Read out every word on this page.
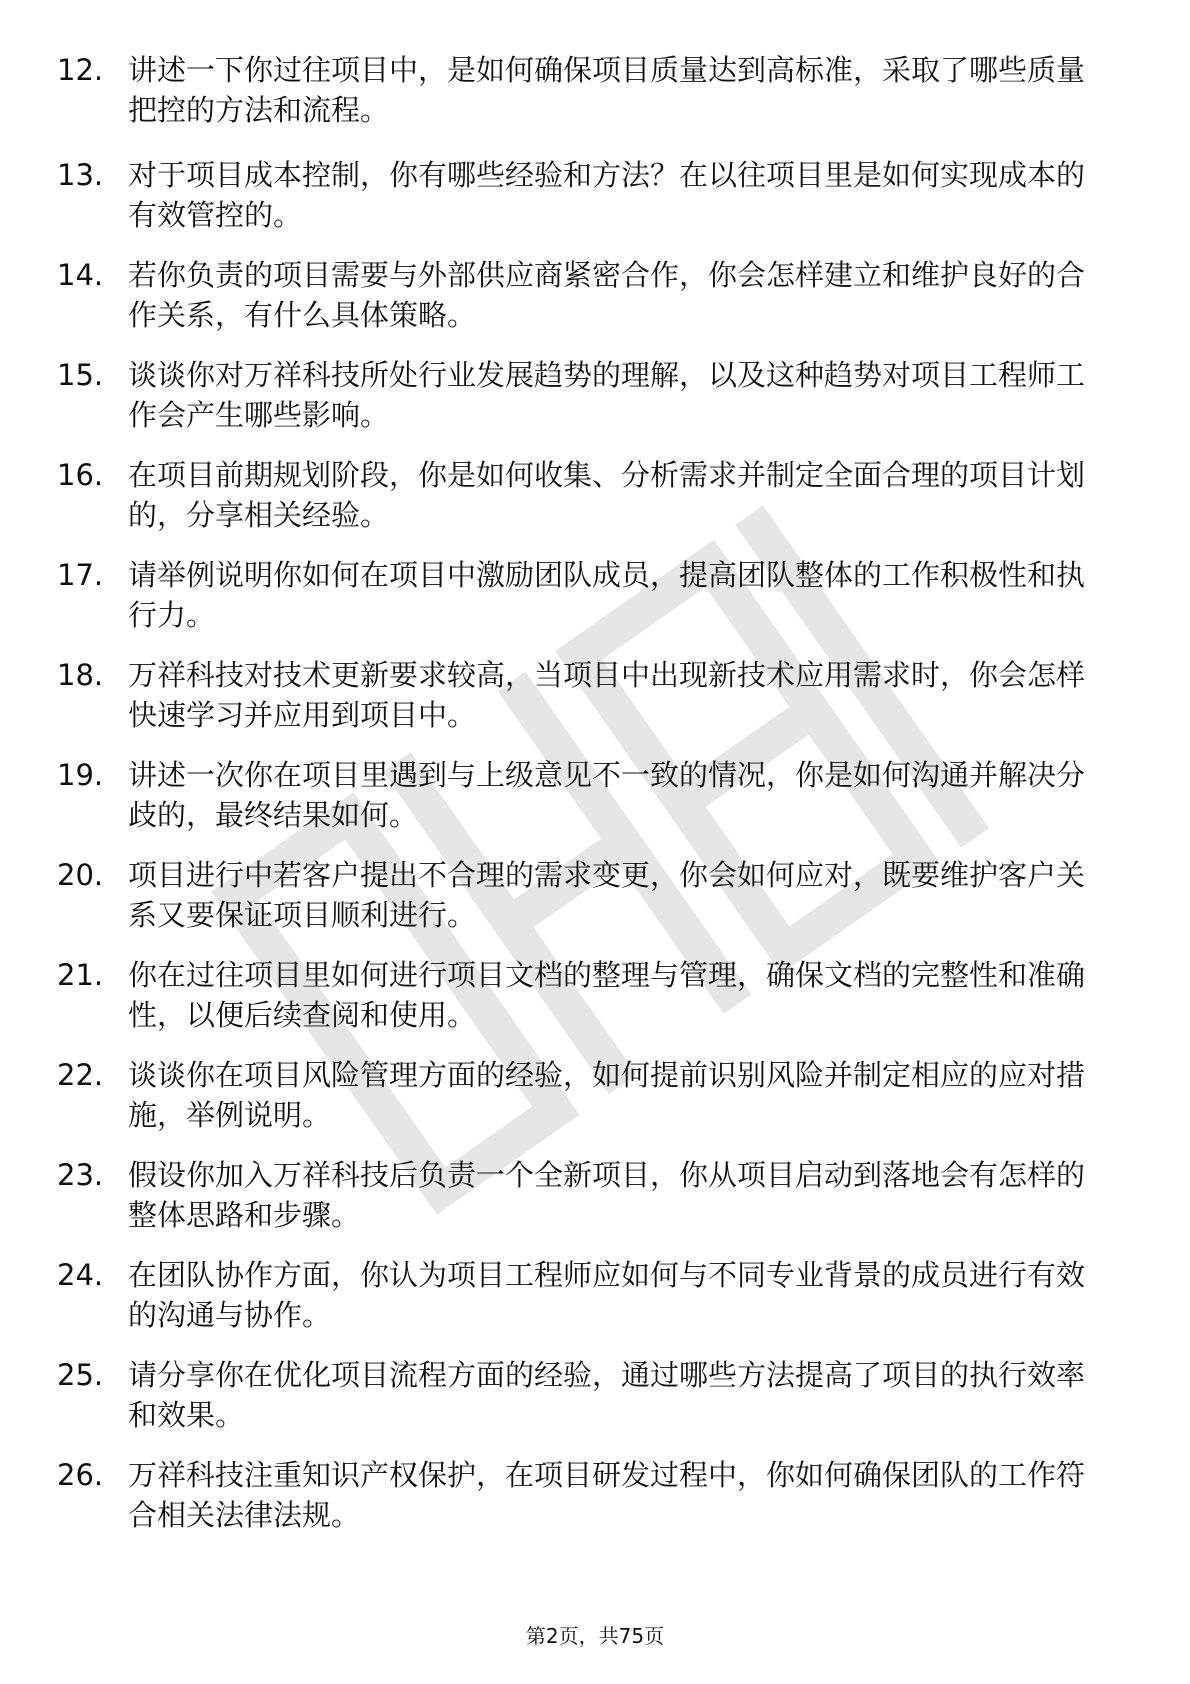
12. 讲述一下你过往项目中，是如何确保项目质量达到高标准，采取了哪些质量把控的方法和流程。

13. 对于项目成本控制，你有哪些经验和方法？在以往项目里是如何实现成本的有效管控的。

14. 若你负责的项目需要与外部供应商紧密合作，你会怎样建立和维护良好的合作关系，有什么具体策略。

15. 谈谈你对万祥科技所处行业发展趋势的理解，以及这种趋势对项目工程师工作会产生哪些影响。

16. 在项目前期规划阶段，你是如何收集、分析需求并制定全面合理的项目计划的，分享相关经验。

17. 请举例说明你如何在项目中激励团队成员，提高团队整体的工作积极性和执行力。

18. 万祥科技对技术更新要求较高，当项目中出现新技术应用需求时，你会怎样快速学习并应用到项目中。

19. 讲述一次你在项目里遇到与上级意见不一致的情况，你是如何沟通并解决分歧的，最终结果如何。

20. 项目进行中若客户提出不合理的需求变更，你会如何应对，既要维护客户关系又要保证项目顺利进行。

21. 你在过往项目里如何进行项目文档的整理与管理，确保文档的完整性和准确性，以便后续查阅和使用。

22. 谈谈你在项目风险管理方面的经验，如何提前识别风险并制定相应的应对措施，举例说明。

23. 假设你加入万祥科技后负责一个全新项目，你从项目启动到落地会有怎样的整体思路和步骤。

24. 在团队协作方面，你认为项目工程师应如何与不同专业背景的成员进行有效的沟通与协作。

25. 请分享你在优化项目流程方面的经验，通过哪些方法提高了项目的执行效率和效果。

26. 万祥科技注重知识产权保护，在项目研发过程中，你如何确保团队的工作符合相关法律法规。

第2页，共75页
